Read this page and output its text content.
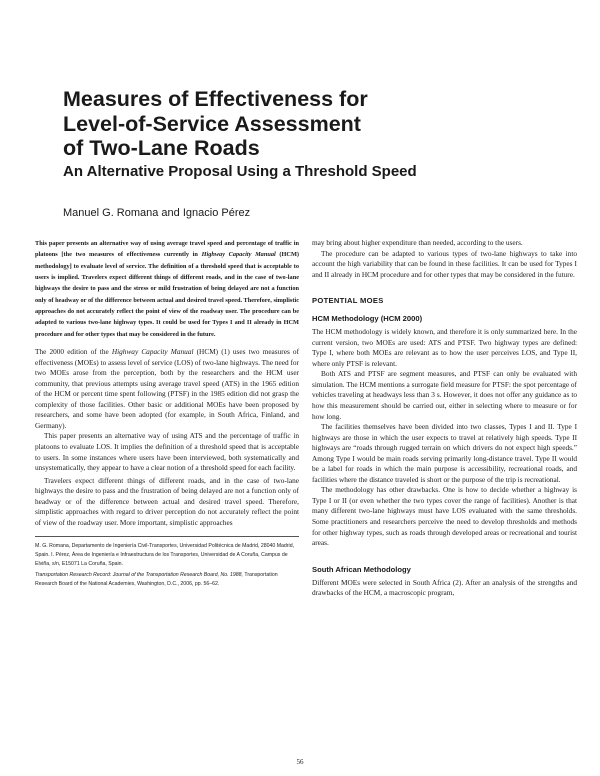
Measures of Effectiveness for
Level-of-Service Assessment
of Two-Lane Roads
An Alternative Proposal Using a Threshold Speed

Manuel G. Romana and Ignacio Pérez

This paper presents an alternative way of using average travel speed and percentage of traffic in platoons [the two measures of effectiveness currently in Highway Capacity Manual (HCM) methodology] to evaluate level of service. The definition of a threshold speed that is acceptable to users is implied. Travelers expect different things of different roads, and in the case of two-lane highways the desire to pass and the stress or mild frustration of being delayed are not a function only of headway or of the difference between actual and desired travel speed. Therefore, simplistic approaches do not accurately reflect the point of view of the roadway user. The procedure can be adapted to various two-lane highway types. It could be used for Types I and II already in HCM procedure and for other types that may be considered in the future.

The 2000 edition of the Highway Capacity Manual (HCM) (1) uses two measures of effectiveness (MOEs) to assess level of service (LOS) of two-lane highways. The need for two MOEs arose from the perception, both by the researchers and the HCM user community, that previous attempts using average travel speed (ATS) in the 1965 edition of the HCM or percent time spent following (PTSF) in the 1985 edition did not grasp the complexity of those facilities. Other basic or additional MOEs have been proposed by researchers, and some have been adopted (for example, in South Africa, Finland, and Germany).

This paper presents an alternative way of using ATS and the percentage of traffic in platoons to evaluate LOS. It implies the definition of a threshold speed that is acceptable to users. In some instances where users have been interviewed, both systematically and unsystematically, they appear to have a clear notion of a threshold speed for each facility.

Travelers expect different things of different roads, and in the case of two-lane highways the desire to pass and the frustration of being delayed are not a function only of headway or of the difference between actual and desired travel speed. Therefore, simplistic approaches with regard to driver perception do not accurately reflect the point of view of the roadway user. More important, simplistic approaches

M. G. Romana, Departamento de Ingeniería Civil-Transportes, Universidad Politécnica de Madrid, 28040 Madrid, Spain. I. Pérez, Área de Ingeniería e Infraestructura de los Transportes, Universidad de A Coruña, Campus de Elviña, s/n, E15071 La Coruña, Spain.

Transportation Research Record: Journal of the Transportation Research Board, No. 1988, Transportation Research Board of the National Academies, Washington, D.C., 2006, pp. 56–62.

may bring about higher expenditure than needed, according to the users.

The procedure can be adapted to various types of two-lane highways to take into account the high variability that can be found in these facilities. It can be used for Types I and II already in HCM procedure and for other types that may be considered in the future.

POTENTIAL MOES

HCM Methodology (HCM 2000)

The HCM methodology is widely known, and therefore it is only summarized here. In the current version, two MOEs are used: ATS and PTSF. Two highway types are defined: Type I, where both MOEs are relevant as to how the user perceives LOS, and Type II, where only PTSF is relevant.

Both ATS and PTSF are segment measures, and PTSF can only be evaluated with simulation. The HCM mentions a surrogate field measure for PTSF: the spot percentage of vehicles traveling at headways less than 3 s. However, it does not offer any guidance as to how this measurement should be carried out, either in selecting where to measure or for how long.

The facilities themselves have been divided into two classes, Types I and II. Type I highways are those in which the user expects to travel at relatively high speeds. Type II highways are “roads through rugged terrain on which drivers do not expect high speeds.” Among Type I would be main roads serving primarily long-distance travel. Type II would be a label for roads in which the main purpose is accessibility, recreational roads, and facilities where the distance traveled is short or the purpose of the trip is recreational.

The methodology has other drawbacks. One is how to decide whether a highway is Type I or II (or even whether the two types cover the range of facilities). Another is that many different two-lane highways must have LOS evaluated with the same thresholds. Some practitioners and researchers perceive the need to develop thresholds and methods for other highway types, such as roads through developed areas or recreational and tourist areas.

South African Methodology

Different MOEs were selected in South Africa (2). After an analysis of the strengths and drawbacks of the HCM, a macroscopic program,

56
